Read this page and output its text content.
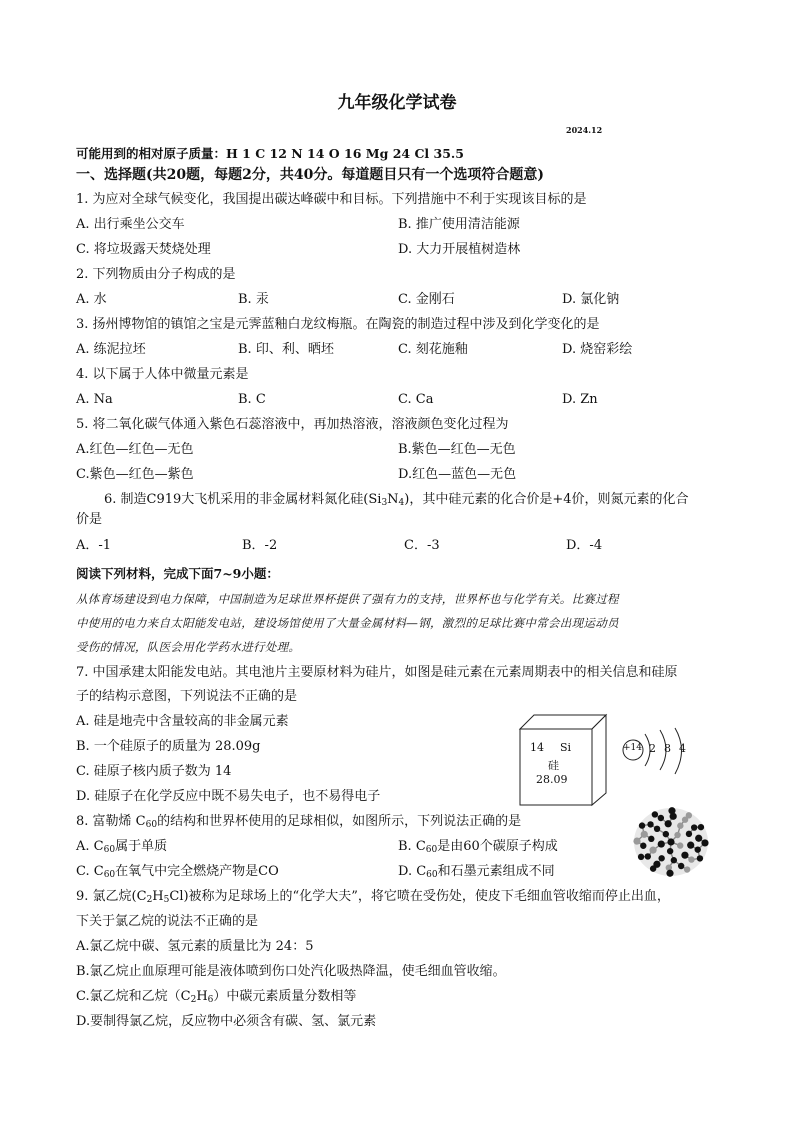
九年级化学试卷
2024.12
可能用到的相对原子质量：H 1 C 12 N 14 O 16 Mg 24 Cl 35.5
一、选择题(共20题，每题2分，共40分。每道题目只有一个选项符合题意)
1. 为应对全球气候变化，我国提出碳达峰碳中和目标。下列措施中不利于实现该目标的是
A. 出行乘坐公交车	B. 推广使用清洁能源
C. 将垃圾露天焚烧处理	D. 大力开展植树造林
2. 下列物质由分子构成的是
A. 水	B. 汞	C. 金刚石	D. 氯化钠
3. 扬州博物馆的镇馆之宝是元霁蓝釉白龙纹梅瓶。在陶瓷的制造过程中涉及到化学变化的是
A. 练泥拉坯	B. 印、利、晒坯	C. 刻花施釉	D. 烧窑彩绘
4. 以下属于人体中微量元素是
A. Na	B. C	C. Ca	D. Zn
5. 将二氧化碳气体通入紫色石蕊溶液中，再加热溶液，溶液颜色变化过程为
A.红色—红色—无色	B.紫色—红色—无色
C.紫色—红色—紫色	D.红色—蓝色—无色
6. 制造C919大飞机采用的非金属材料氮化硅$(Si_3N_4)$，其中硅元素的化合价是+4价，则氮元素的化合
价是
A．-1	B．-2	C．-3	D．-4
阅读下列材料，完成下面7~9小题：
从体育场建设到电力保障，中国制造为足球世界杯提供了强有力的支持，世界杯也与化学有关。比赛过程
中使用的电力来自太阳能发电站，建设场馆使用了大量金属材料—钢，激烈的足球比赛中常会出现运动员
受伤的情况，队医会用化学药水进行处理。
7. 中国承建太阳能发电站。其电池片主要原材料为硅片，如图是硅元素在元素周期表中的相关信息和硅原
子的结构示意图，下列说法不正确的是
A. 硅是地壳中含量较高的非金属元素
B. 一个硅原子的质量为 28.09g
C. 硅原子核内质子数为 14
D. 硅原子在化学反应中既不易失电子，也不易得电子
14 Si
硅
28.09
+14 2 8 4
8. 富勒烯 $C_{60}$的结构和世界杯使用的足球相似，如图所示，下列说法正确的是
A. $C_{60}$属于单质	B. $C_{60}$是由60个碳原子构成
C. $C_{60}$在氧气中完全燃烧产物是CO	D. $C_{60}$和石墨元素组成不同
9. 氯乙烷$(C_2H_5Cl)$被称为足球场上的“化学大夫”，将它喷在受伤处，使皮下毛细血管收缩而停止出血，
下关于氯乙烷的说法不正确的是
A.氯乙烷中碳、氢元素的质量比为 24：5
B.氯乙烷止血原理可能是液体喷到伤口处汽化吸热降温，使毛细血管收缩。
C.氯乙烷和乙烷$(C_2H_6)$中碳元素质量分数相等
D.要制得氯乙烷，反应物中必须含有碳、氢、氯元素
